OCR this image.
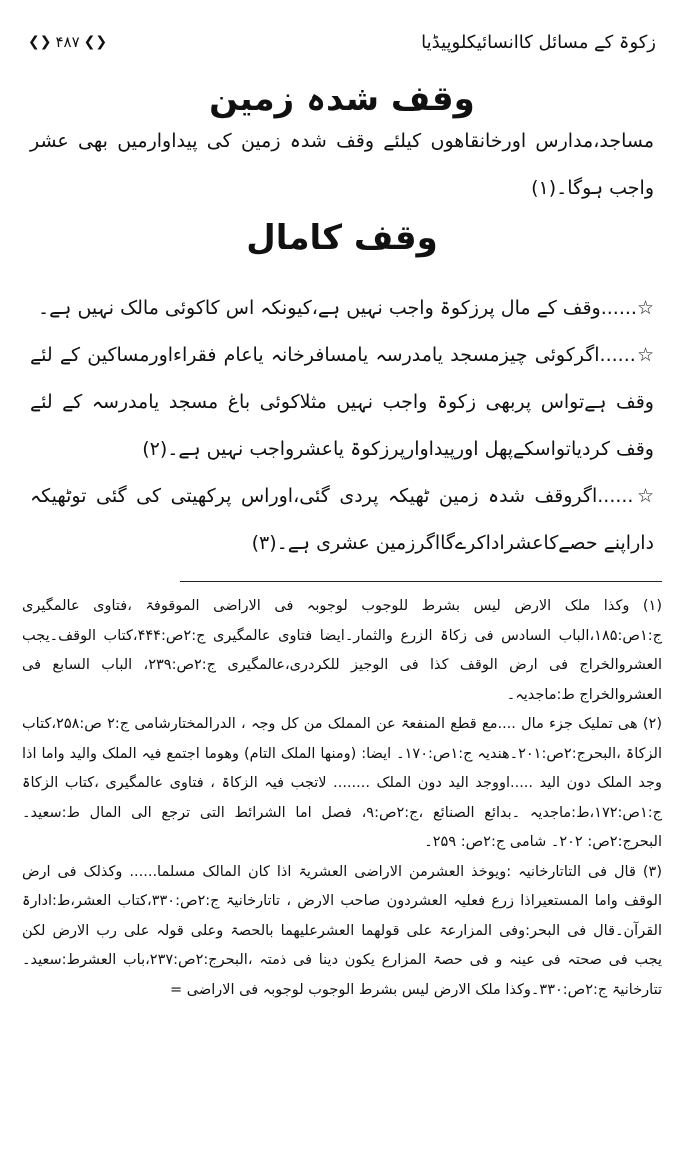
زکوۃ کے مسائل کاانسائیکلوپیڈیا
❮❯ ۴۸۷ ❮❯
وقف شدہ زمین
مساجد،مدارس اورخانقاھوں کیلئے وقف شدہ زمین کی پیداوارمیں بھی عشر واجب ہوگا۔(۱)
وقف کامال
☆......وقف کے مال پرزکوۃ واجب نہیں ہے،کیونکہ اس کاکوئی مالک نہیں ہے۔
☆......اگرکوئی چیزمسجد یامدرسہ یامسافرخانہ یاعام فقراءاورمساکین کے لئے وقف ہےتواس پربھی زکوۃ واجب نہیں مثلاکوئی باغ مسجد یامدرسہ کے لئے وقف کردیاتواسکےپھل اورپیداوارپرزکوۃ یاعشرواجب نہیں ہے۔(۲)
☆......اگروقف شدہ زمین ٹھیکہ پردی گئی،اوراس پرکھیتی کی گئی توٹھیکہ داراپنے حصےکاعشراداکرےگااگرزمین عشری ہے۔(۳)

(۱) وکذا ملک الارض لیس بشرط للوجوب لوجوبہ فی الاراضی الموقوفۃ ،فتاوی عالمگیری ج:۱ص:۱۸۵،الباب السادس فی زکاۃ الزرع والثمار۔ایضا فتاوی عالمگیری ج:۲ص:۴۴۴،کتاب الوقف۔یجب العشروالخراج فی ارض الوقف کذا فی الوجیز للکردری،عالمگیری ج:۲ص:۲۳۹، الباب السابع فی العشروالخراج ط:ماجدیہ۔

(۲) ھی تملیک جزء مال ....مع قطع المنفعۃ عن المملک من کل وجہ ، الدرالمختارشامی ج:۲ ص:۲۵۸،کتاب الزکاۃ ،البحرج:۲ص:۲۰۱۔ھندیہ ج:۱ص:۱۷۰۔ ایضا: (ومنھا الملک التام) وھوما اجتمع فیہ الملک والید واما اذا وجد الملک دون الید .....اووجد الید دون الملک ........ لاتجب فیہ الزکاۃ ، فتاوی عالمگیری ،کتاب الزکاۃ ج:۱ص:۱۷۲،ط:ماجدیہ ۔بدائع الصنائع ،ج:۲ص:۹، فصل اما الشرائط التی ترجع الی المال ط:سعید۔ البحرج:۲ص: ۲۰۲۔ شامی ج:۲ص: ۲۵۹۔

(۳) قال فی التاتارخانیہ :ویوخذ العشرمن الاراضی العشریۃ اذا کان المالک مسلما...... وکذلک فی ارض الوقف واما المستعیراذا زرع فعلیہ العشردون صاحب الارض ، تاتارخانیۃ ج:۲ص:۳۳۰،کتاب العشر،ط:ادارۃ القرآن۔قال فی البحر:وفی المزارعۃ علی قولھما العشرعلیھما بالحصۃ وعلی قولہ علی رب الارض لکن یجب فی صحتہ فی عینہ و فی حصۃ المزارع یکون دینا فی ذمتہ ،البحرج:۲ص:۲۳۷،باب العشرط:سعید۔تتارخانیۃ ج:۲ص:۳۳۰۔وکذا ملک الارض لیس بشرط الوجوب لوجوبہ فی الاراضی =
